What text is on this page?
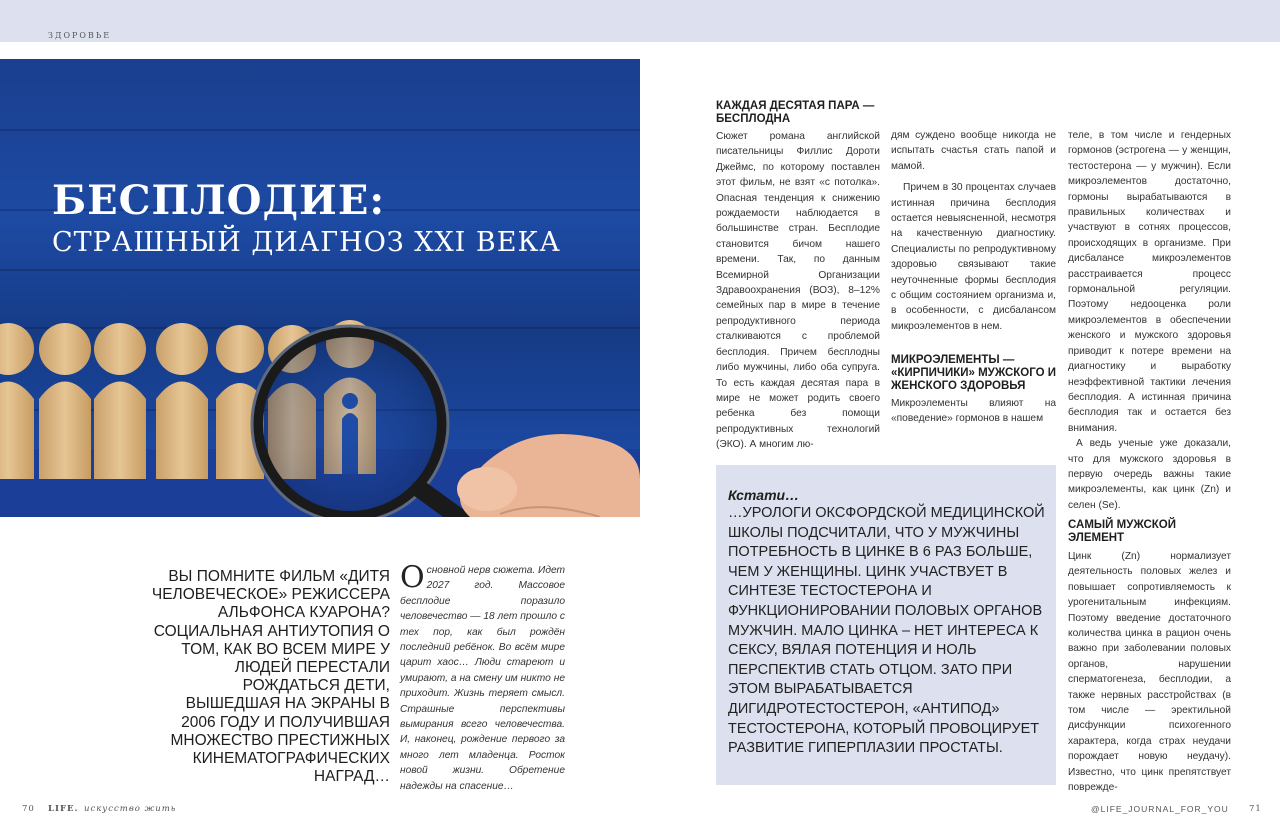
ЗДОРОВЬЕ
БЕСПЛОДИЕ:
СТРАШНЫЙ ДИАГНОЗ XXI ВЕКА
ВЫ ПОМНИТЕ ФИЛЬМ «ДИТЯ ЧЕЛОВЕЧЕСКОЕ» РЕЖИССЕРА АЛЬФОНСА КУАРОНА? СОЦИАЛЬНАЯ АНТИУТОПИЯ О ТОМ, КАК ВО ВСЕМ МИРЕ У ЛЮДЕЙ ПЕРЕСТАЛИ РОЖДАТЬСЯ ДЕТИ, ВЫШЕДШАЯ НА ЭКРАНЫ В 2006 ГОДУ И ПОЛУЧИВШАЯ МНОЖЕСТВО ПРЕСТИЖНЫХ КИНЕМАТОГРАФИЧЕСКИХ НАГРАД…
О сновной нерв сюжета. Идет 2027 год. Массовое бесплодие поразило человечество — 18 лет прошло с тех пор, как был рождён последний ребёнок. Во всём мире царит хаос… Люди стареют и умирают, а на смену им никто не приходит. Жизнь теряет смысл. Страшные перспективы вымирания всего человечества. И, наконец, рождение первого за много лет младенца. Росток новой жизни. Обретение надежды на спасение…
КАЖДАЯ ДЕСЯТАЯ ПАРА — БЕСПЛОДНА
Сюжет романа английской писательницы Филлис Дороти Джеймс, по которому поставлен этот фильм, не взят «с потолка». Опасная тенденция к снижению рождаемости наблюдается в большинстве стран. Бесплодие становится бичом нашего времени. Так, по данным Всемирной Организации Здравоохранения (ВОЗ), 8–12% семейных пар в мире в течение репродуктивного периода сталкиваются с проблемой бесплодия. Причем бесплодны либо мужчины, либо оба супруга. То есть каждая десятая пара в мире не может родить своего ребенка без помощи репродуктивных технологий (ЭКО). А многим лю-
дям суждено вообще никогда не испытать счастья стать папой и мамой.
Причем в 30 процентах случаев истинная причина бесплодия остается невыясненной, несмотря на качественную диагностику. Специалисты по репродуктивному здоровью связывают такие неуточненные формы бесплодия с общим состоянием организма и, в особенности, с дисбалансом микроэлементов в нем.
МИКРОЭЛЕМЕНТЫ — «КИРПИЧИКИ» МУЖСКОГО И ЖЕНСКОГО ЗДОРОВЬЯ
Микроэлементы влияют на «поведение» гормонов в нашем
теле, в том числе и гендерных гормонов (эстрогена — у женщин, тестостерона — у мужчин). Если микроэлементов достаточно, гормоны вырабатываются в правильных количествах и участвуют в сотнях процессов, происходящих в организме. При дисбалансе микроэлементов расстраивается процесс гормональной регуляции. Поэтому недооценка роли микроэлементов в обеспечении женского и мужского здоровья приводит к потере времени на диагностику и выработку неэффективной тактики лечения бесплодия. А истинная причина бесплодия так и остается без внимания.
А ведь ученые уже доказали, что для мужского здоровья в первую очередь важны такие микроэлементы, как цинк (Zn) и селен (Se).
САМЫЙ МУЖСКОЙ ЭЛЕМЕНТ
Цинк (Zn) нормализует деятельность половых желез и повышает сопротивляемость к урогенитальным инфекциям. Поэтому введение достаточного количества цинка в рацион очень важно при заболевании половых органов, нарушении сперматогенеза, бесплодии, а также нервных расстройствах (в том числе — эректильной дисфункции психогенного характера, когда страх неудачи порождает новую неудачу). Известно, что цинк препятствует поврежде-
Кстати…
…УРОЛОГИ ОКСФОРДСКОЙ МЕДИЦИНСКОЙ ШКОЛЫ ПОДСЧИТАЛИ, ЧТО У МУЖЧИНЫ ПОТРЕБНОСТЬ В ЦИНКЕ В 6 РАЗ БОЛЬШЕ, ЧЕМ У ЖЕНЩИНЫ. ЦИНК УЧАСТВУЕТ В СИНТЕЗЕ ТЕСТОСТЕРОНА И ФУНКЦИОНИРОВАНИИ ПОЛОВЫХ ОРГАНОВ МУЖЧИН. МАЛО ЦИНКА – НЕТ ИНТЕРЕСА К СЕКСУ, ВЯЛАЯ ПОТЕНЦИЯ И НОЛЬ ПЕРСПЕКТИВ СТАТЬ ОТЦОМ. ЗАТО ПРИ ЭТОМ ВЫРАБАТЫВАЕТСЯ ДИГИДРОТЕСТОСТЕРОН, «АНТИПОД» ТЕСТОСТЕРОНА, КОТОРЫЙ ПРОВОЦИРУЕТ РАЗВИТИЕ ГИПЕРПЛАЗИИ ПРОСТАТЫ.
70 LIFE. искусство жить	@LIFE_JOURNAL_FOR_YOU 71
